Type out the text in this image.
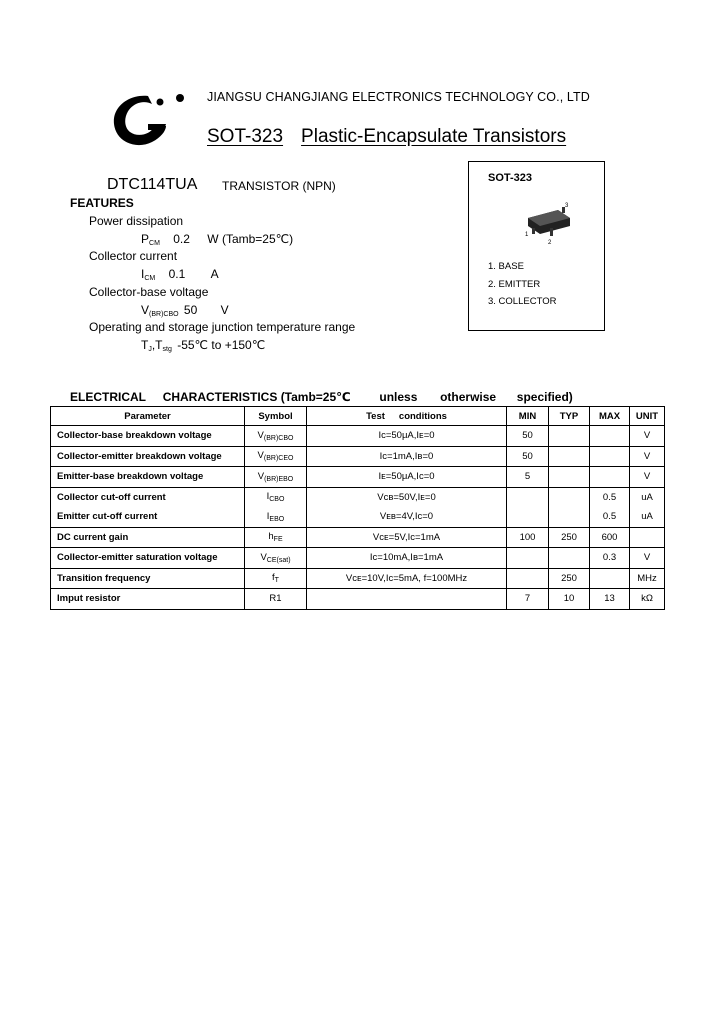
JIANGSU CHANGJIANG ELECTRONICS TECHNOLOGY CO., LTD
SOT-323 Plastic-Encapsulate Transistors
DTC114TUA TRANSISTOR (NPN)
FEATURES
Power dissipation
$P_{CM}$ 0.2 W (Tamb=25℃)
Collector current
$I_{CM}$ 0.1 A
Collector-base voltage
$V_{(BR)CBO}$ 50 V
Operating and storage junction temperature range
$T_J,T_{stg}$ -55℃ to +150℃
SOT-323
3
1
2
1. BASE
2. EMITTER
3. COLLECTOR
ELECTRICAL CHARACTERISTICS (Tamb=25℃ unless otherwise specified)
Parameter	Symbol	Test conditions	MIN	TYP	MAX	UNIT
Collector-base breakdown voltage	$V_{(BR)CBO}$	Iᴄ=50μA,Iᴇ=0	50			V
Collector-emitter breakdown voltage	$V_{(BR)CEO}$	Iᴄ=1mA,Iʙ=0	50			V
Emitter-base breakdown voltage	$V_{(BR)EBO}$	Iᴇ=50μA,Iᴄ=0	5			V
Collector cut-off current	$I_{CBO}$	Vᴄʙ=50V,Iᴇ=0			0.5	uA
Emitter cut-off current	$I_{EBO}$	Vᴇʙ=4V,Iᴄ=0			0.5	uA
DC current gain	$h_{FE}$	Vᴄᴇ=5V,Iᴄ=1mA	100	250	600	
Collector-emitter saturation voltage	$V_{CE(sat)}$	Iᴄ=10mA,Iʙ=1mA			0.3	V
Transition frequency	$f_T$	Vᴄᴇ=10V,Iᴄ=5mA, f=100MHz		250		MHz
Imput resistor	R1		7	10	13	kΩ
